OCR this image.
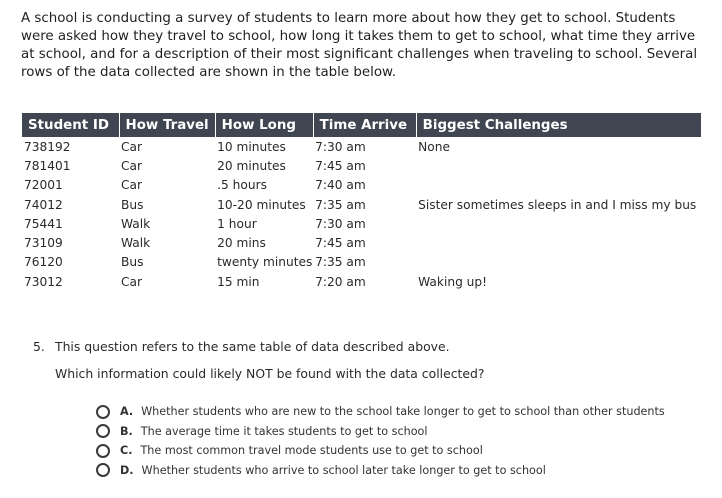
A school is conducting a survey of students to learn more about how they get to school. Students were asked how they travel to school, how long it takes them to get to school, what time they arrive at school, and for a description of their most significant challenges when traveling to school. Several rows of the data collected are shown in the table below.
Student ID	How Travel	How Long	Time Arrive	Biggest Challenges
738192	Car	10 minutes	7:30 am	None
781401	Car	20 minutes	7:45 am	
72001	Car	.5 hours	7:40 am	
74012	Bus	10-20 minutes	7:35 am	Sister sometimes sleeps in and I miss my bus
75441	Walk	1 hour	7:30 am	
73109	Walk	20 mins	7:45 am	
76120	Bus	twenty minutes	7:35 am	
73012	Car	15 min	7:20 am	Waking up!
5. This question refers to the same table of data described above.
Which information could likely NOT be found with the data collected?
A. Whether students who are new to the school take longer to get to school than other students
B. The average time it takes students to get to school
C. The most common travel mode students use to get to school
D. Whether students who arrive to school later take longer to get to school
